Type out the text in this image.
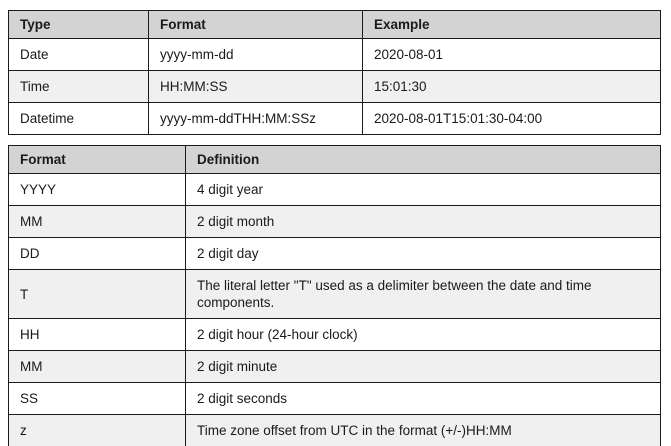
Type	Format	Example
Date	yyyy-mm-dd	2020-08-01
Time	HH:MM:SS	15:01:30
Datetime	yyyy-mm-ddTHH:MM:SSz	2020-08-01T15:01:30-04:00
Format	Definition
YYYY	4 digit year
MM	2 digit month
DD	2 digit day
T	The literal letter "T" used as a delimiter between the date and time components.
HH	2 digit hour (24-hour clock)
MM	2 digit minute
SS	2 digit seconds
z	Time zone offset from UTC in the format (+/-)HH:MM
